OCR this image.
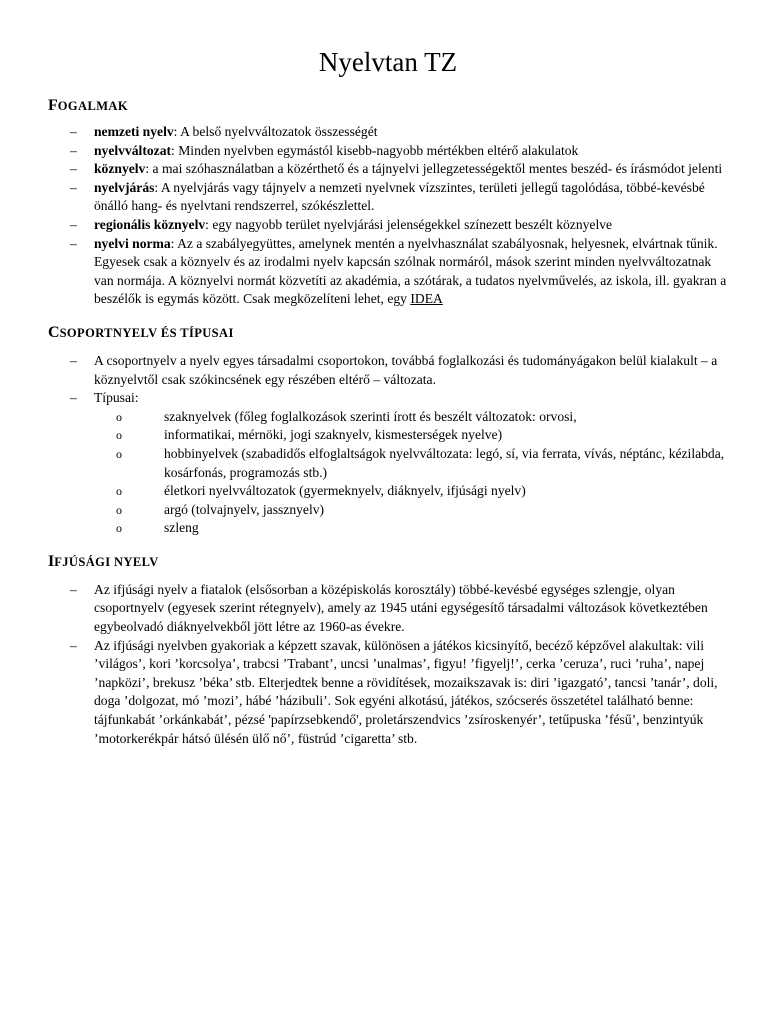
Nyelvtan TZ
FOGALMAK
– nemzeti nyelv: A belső nyelvváltozatok összességét
– nyelvváltozat: Minden nyelvben egymástól kisebb-nagyobb mértékben eltérő alakulatok
– köznyelv: a mai szóhasználatban a közérthető és a tájnyelvi jellegzetességektől mentes beszéd- és írásmódot jelenti
– nyelvjárás: A nyelvjárás vagy tájnyelv a nemzeti nyelvnek vízszintes, területi jellegű tagolódása, többé-kevésbé önálló hang- és nyelvtani rendszerrel, szókészlettel.
– regionális köznyelv: egy nagyobb terület nyelvjárási jelenségekkel színezett beszélt köznyelve
– nyelvi norma: Az a szabályegyüttes, amelynek mentén a nyelvhasználat szabályosnak, helyesnek, elvártnak tűnik. Egyesek csak a köznyelv és az irodalmi nyelv kapcsán szólnak normáról, mások szerint minden nyelvváltozatnak van normája. A köznyelvi normát közvetíti az akadémia, a szótárak, a tudatos nyelvművelés, az iskola, ill. gyakran a beszélők is egymás között. Csak megközelíteni lehet, egy IDEA
CSOPORTNYELV ÉS TÍPUSAI
– A csoportnyelv a nyelv egyes társadalmi csoportokon, továbbá foglalkozási és tudományágakon belül kialakult – a köznyelvtől csak szókincsének egy részében eltérő – változata.
– Típusai:
o szaknyelvek (főleg foglalkozások szerinti írott és beszélt változatok: orvosi,
o informatikai, mérnöki, jogi szaknyelv, kismesterségek nyelve)
o hobbinyelvek (szabadidős elfoglaltságok nyelvváltozata: legó, sí, via ferrata, vívás, néptánc, kézilabda, kosárfonás, programozás stb.)
o életkori nyelvváltozatok (gyermeknyelv, diáknyelv, ifjúsági nyelv)
o argó (tolvajnyelv, jassznyelv)
o szleng
IFJÚSÁGI NYELV
– Az ifjúsági nyelv a fiatalok (elsősorban a középiskolás korosztály) többé-kevésbé egységes szlengje, olyan csoportnyelv (egyesek szerint rétegnyelv), amely az 1945 utáni egységesítő társadalmi változások következtében egybeolvadó diáknyelvekből jött létre az 1960-as évekre.
– Az ifjúsági nyelvben gyakoriak a képzett szavak, különösen a játékos kicsinyítő, becéző képzővel alakultak: vili ’világos’, kori ’korcsolya’, trabcsi ’Trabant’, uncsi ’unalmas’, figyu! ’figyelj!’, cerka ’ceruza’, ruci ’ruha’, napej ’napközi’, brekusz ’béka’ stb. Elterjedtek benne a rövidítések, mozaikszavak is: diri ’igazgató’, tancsi ’tanár’, doli, doga ’dolgozat, mó ’mozi’, hábé ’házibuli’. Sok egyéni alkotású, játékos, szócserés összetétel található benne: tájfunkabát ’orkánkabát’, pézsé 'papírzsebkendő', proletárszendvics ’zsíroskenyér’, tetűpuska ’fésű’, benzintyúk ’motorkerékpár hátsó ülésén ülő nő’, füstrúd ’cigaretta’ stb.
